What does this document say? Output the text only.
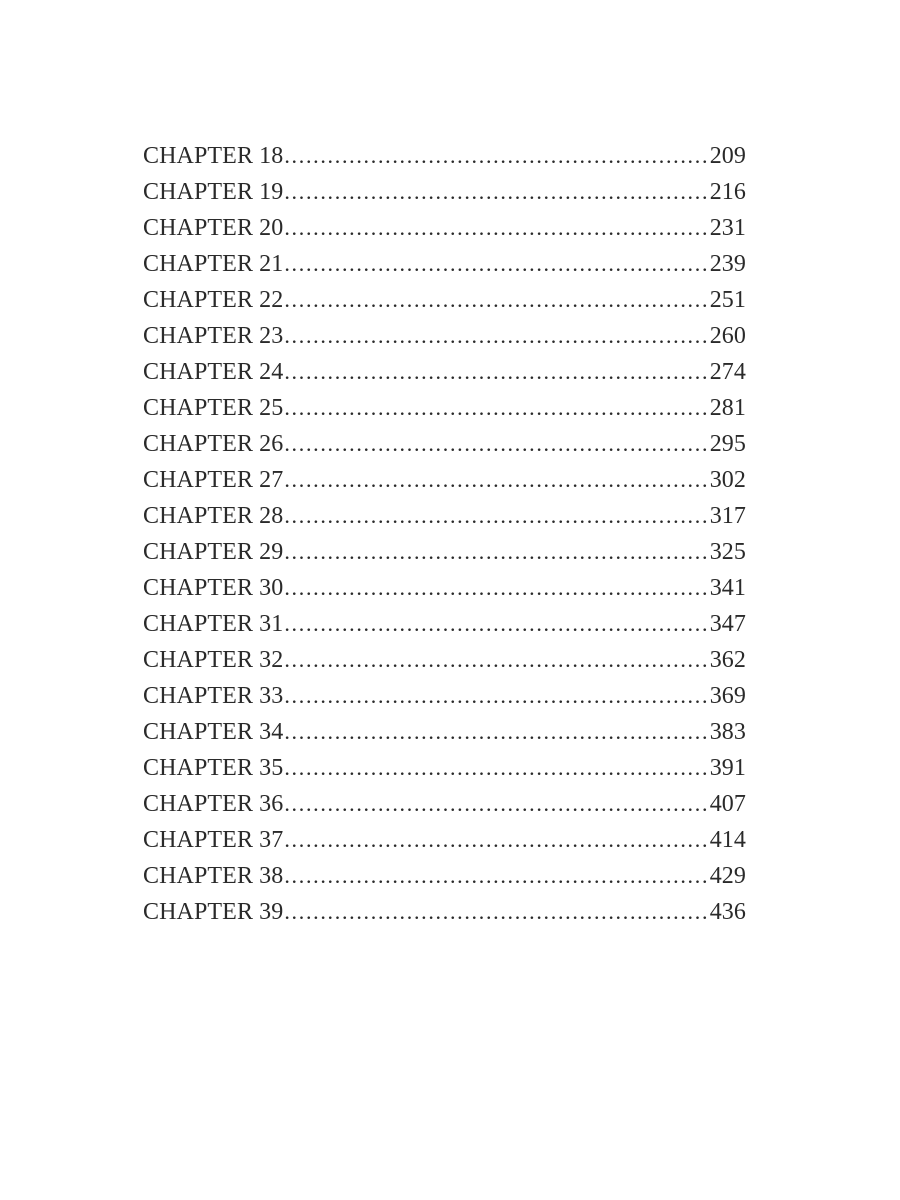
CHAPTER 18 . . .	209
CHAPTER 19 . . .	216
CHAPTER 20 . . .	231
CHAPTER 21 . . .	239
CHAPTER 22 . . .	251
CHAPTER 23 . . .	260
CHAPTER 24 . . .	274
CHAPTER 25 . . .	281
CHAPTER 26 . . .	295
CHAPTER 27 . . .	302
CHAPTER 28 . . .	317
CHAPTER 29 . . .	325
CHAPTER 30 . . .	341
CHAPTER 31 . . .	347
CHAPTER 32 . . .	362
CHAPTER 33 . . .	369
CHAPTER 34 . . .	383
CHAPTER 35 . . .	391
CHAPTER 36 . . .	407
CHAPTER 37 . . .	414
CHAPTER 38 . . .	429
CHAPTER 39 . . .	436
